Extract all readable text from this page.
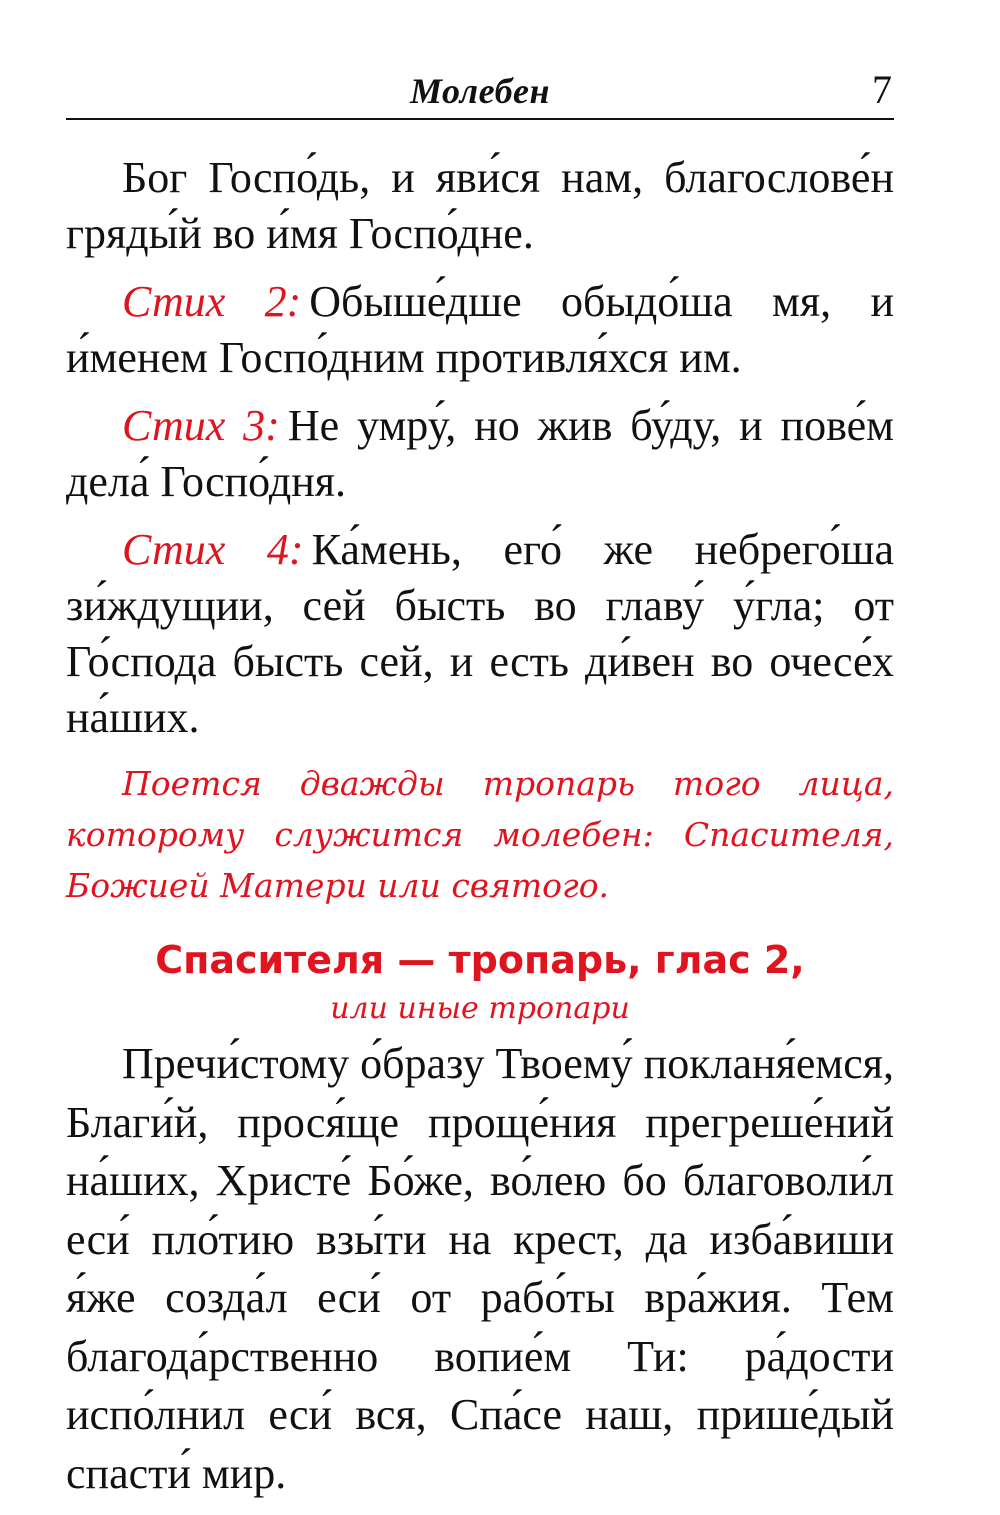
Молебен	7

Бог Госпо́дь, и яви́ся нам, благослове́н гряды́й во и́мя Госпо́дне.

Стих 2: Обыше́дше обыдо́ша мя, и и́менем Госпо́дним противля́хся им.

Стих 3: Не умру́, но жив бу́ду, и пове́м дела́ Госпо́дня.

Стих 4: Ка́мень, его́ же небрего́ша зи́ждущии, сей бысть во главу́ у́гла; от Го́спода бысть сей, и есть ди́вен во очесе́х на́ших.

Поется дважды тропарь того лица, которому служится молебен: Спасителя, Божией Матери или святого.

Спасителя — тропарь, глас 2,
или иные тропари

Пречи́стому о́бразу Твоему́ покланя́емся, Благи́й, прося́ще проще́ния прегреше́ний на́ших, Христе́ Бо́же, во́лею бо благоволи́л еси́ пло́тию взы́ти на крест, да изба́виши я́же созда́л еси́ от рабо́ты вра́жия. Тем благода́рственно вопие́м Ти: ра́дости испо́лнил еси́ вся, Спа́се наш, прише́дый спасти́ мир.
